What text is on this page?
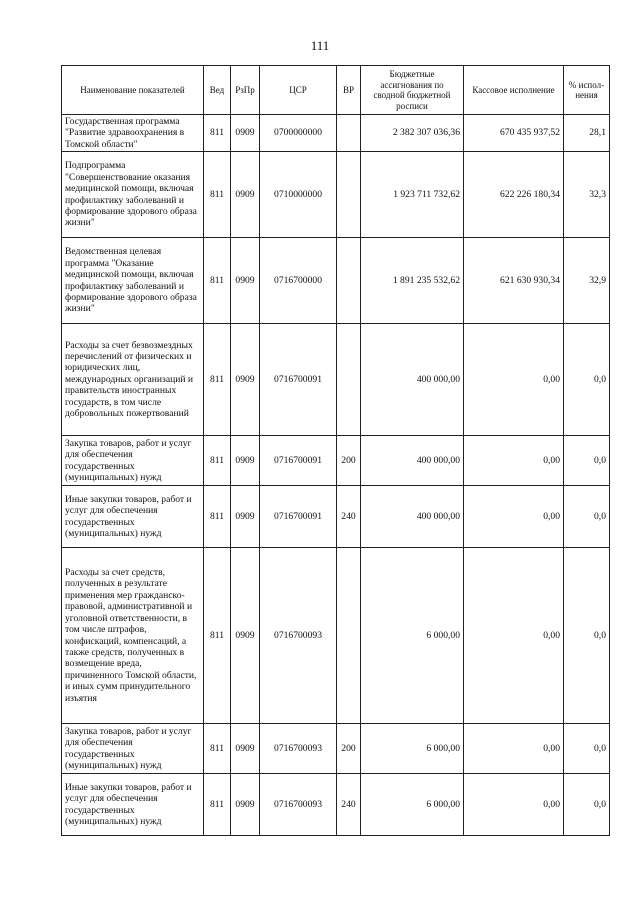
111
Наименование показателей	Вед	РзПр	ЦСР	ВР	Бюджетные ассигнования по сводной бюджетной росписи	Кассовое исполнение	% испол-нения
Государственная программа "Развитие здравоохранения в Томской области"	811	0909	0700000000		2 382 307 036,36	670 435 937,52	28,1
Подпрограмма "Совершенствование оказания медицинской помощи, включая профилактику заболеваний и формирование здорового образа жизни"	811	0909	0710000000		1 923 711 732,62	622 226 180,34	32,3
Ведомственная целевая программа "Оказание медицинской помощи, включая профилактику заболеваний и формирование здорового образа жизни"	811	0909	0716700000		1 891 235 532,62	621 630 930,34	32,9
Расходы за счет безвозмездных перечислений от физических и юридических лиц, международных организаций и правительств иностранных государств, в том числе добровольных пожертвований	811	0909	0716700091		400 000,00	0,00	0,0
Закупка товаров, работ и услуг для обеспечения государственных (муниципальных) нужд	811	0909	0716700091	200	400 000,00	0,00	0,0
Иные закупки товаров, работ и услуг для обеспечения государственных (муниципальных) нужд	811	0909	0716700091	240	400 000,00	0,00	0,0
Расходы за счет средств, полученных в результате применения мер гражданско-правовой, административной и уголовной ответственности, в том числе штрафов, конфискаций, компенсаций, а также средств, полученных в возмещение вреда, причиненного Томской области, и иных сумм принудительного изъятия	811	0909	0716700093		6 000,00	0,00	0,0
Закупка товаров, работ и услуг для обеспечения государственных (муниципальных) нужд	811	0909	0716700093	200	6 000,00	0,00	0,0
Иные закупки товаров, работ и услуг для обеспечения государственных (муниципальных) нужд	811	0909	0716700093	240	6 000,00	0,00	0,0
